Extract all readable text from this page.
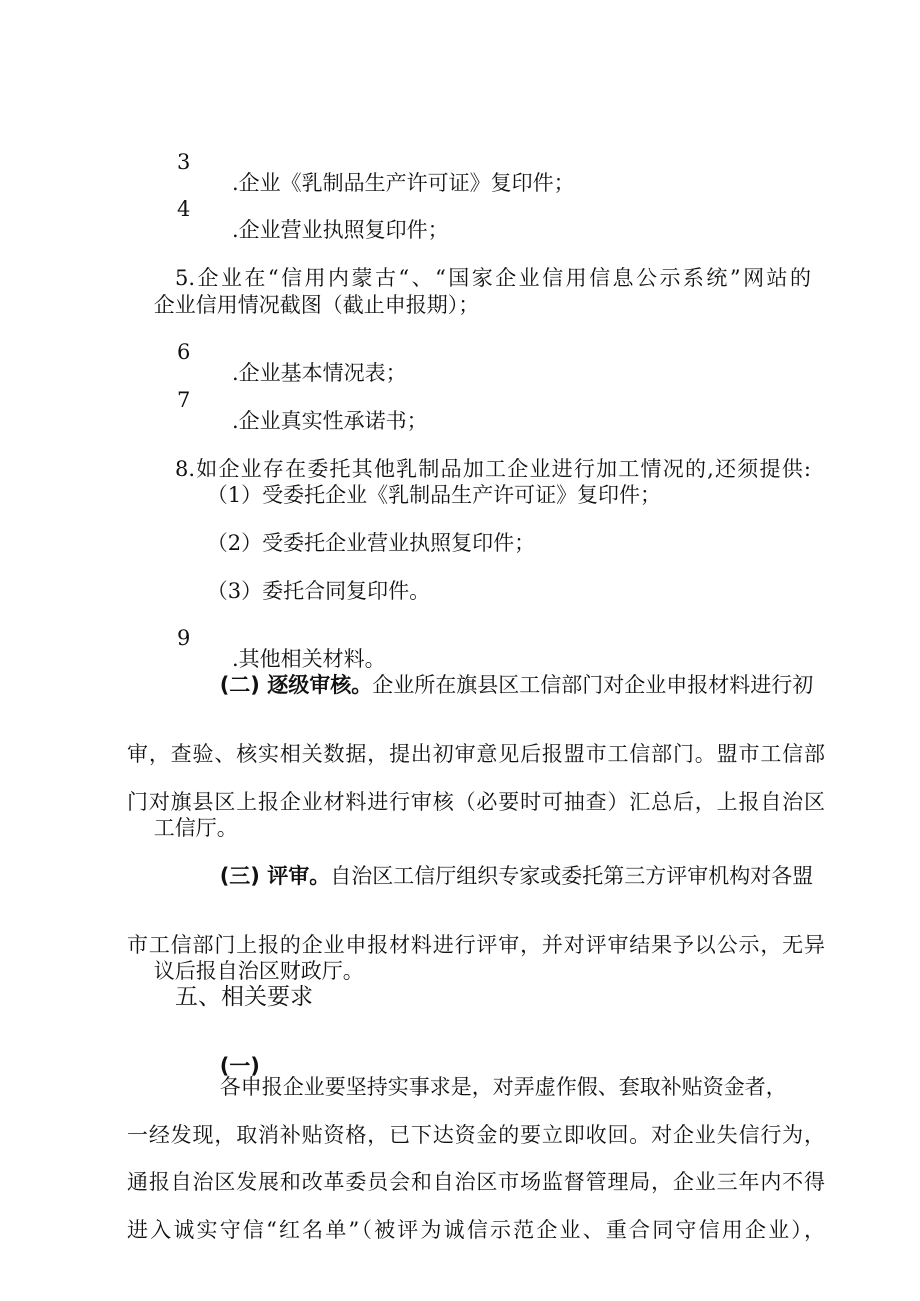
3

.企业《乳制品生产许可证》复印件；

4

.企业营业执照复印件；

5.企业在“信用内蒙古“、“国家企业信用信息公示系统”网站的

企业信用情况截图（截止申报期）；

6

.企业基本情况表；

7

.企业真实性承诺书；

8.如企业存在委托其他乳制品加工企业进行加工情况的,还须提供:

（1）受委托企业《乳制品生产许可证》复印件；

（2）受委托企业营业执照复印件；

（3）委托合同复印件。

9

.其他相关材料。

(二) 逐级审核。企业所在旗县区工信部门对企业申报材料进行初

审，查验、核实相关数据，提出初审意见后报盟市工信部门。盟市工信部

门对旗县区上报企业材料进行审核（必要时可抽查）汇总后，上报自治区

工信厅。

(三) 评审。自治区工信厅组织专家或委托第三方评审机构对各盟

市工信部门上报的企业申报材料进行评审，并对评审结果予以公示，无异

议后报自治区财政厅。

五、相关要求

(一)
各申报企业要坚持实事求是，对弄虚作假、套取补贴资金者，

一经发现，取消补贴资格，已下达资金的要立即收回。对企业失信行为，

通报自治区发展和改革委员会和自治区市场监督管理局，企业三年内不得

进入诚实守信“红名单”（被评为诚信示范企业、重合同守信用企业），
